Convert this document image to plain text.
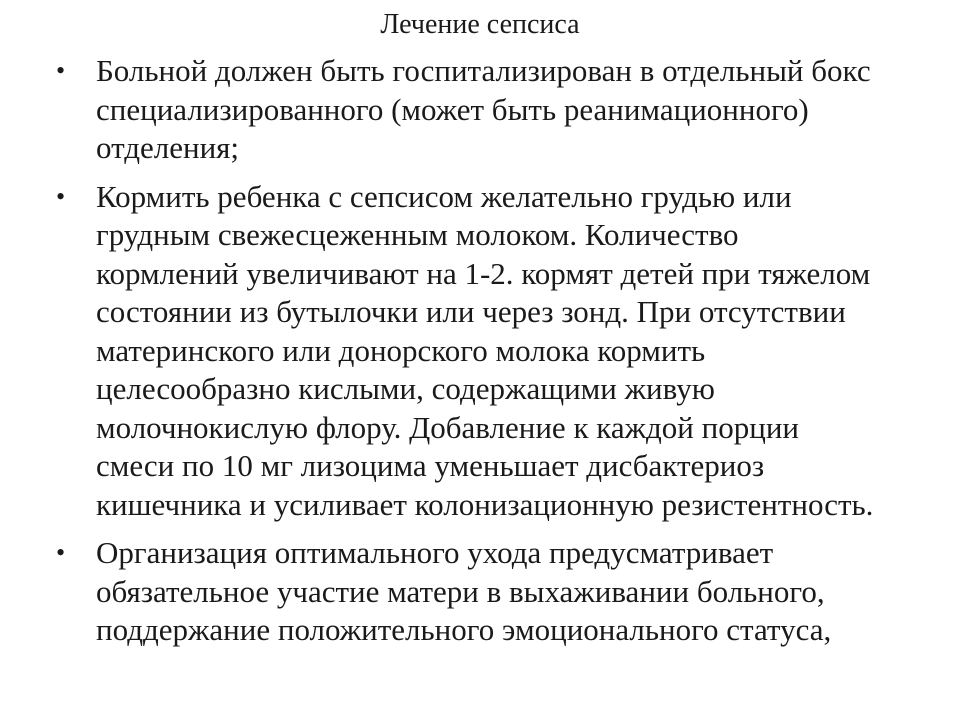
Лечение сепсиса
• Больной должен быть госпитализирован в отдельный бокс
специализированного (может быть реанимационного)
отделения;
• Кормить ребенка с сепсисом желательно грудью или
грудным свежесцеженным молоком. Количество
кормлений увеличивают на 1-2. кормят детей при тяжелом
состоянии из бутылочки или через зонд. При отсутствии
материнского или донорского молока кормить
целесообразно кислыми, содержащими живую
молочнокислую флору. Добавление к каждой порции
смеси по 10 мг лизоцима уменьшает дисбактериоз
кишечника и усиливает колонизационную резистентность.
• Организация оптимального ухода предусматривает
обязательное участие матери в выхаживании больного,
поддержание положительного эмоционального статуса,
